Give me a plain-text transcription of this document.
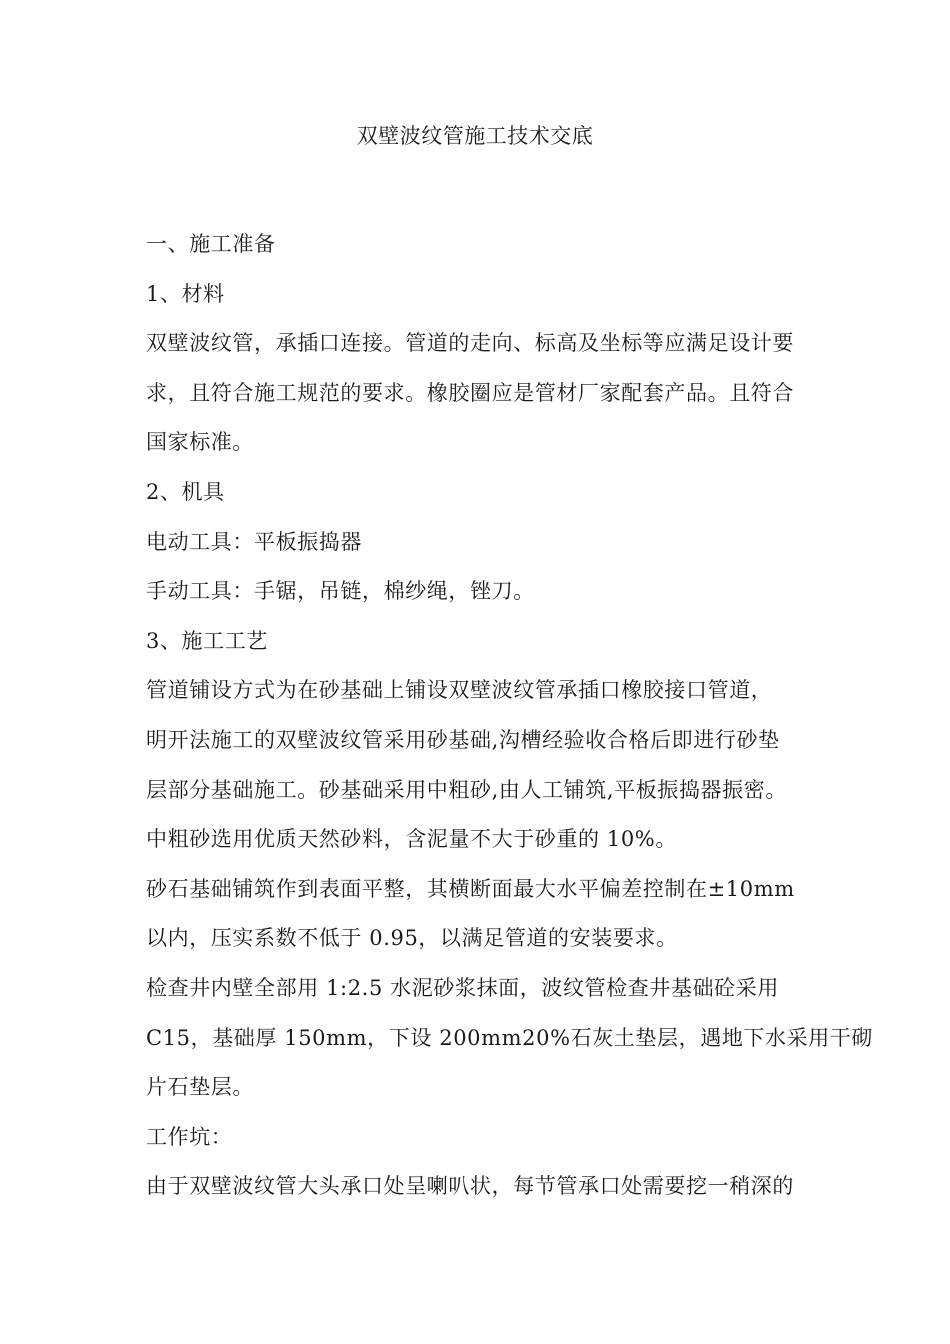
双壁波纹管施工技术交底
一、施工准备
1、材料
双壁波纹管，承插口连接。管道的走向、标高及坐标等应满足设计要
求，且符合施工规范的要求。橡胶圈应是管材厂家配套产品。且符合
国家标准。
2、机具
电动工具：平板振捣器
手动工具：手锯，吊链，棉纱绳，锉刀。
3、施工工艺
管道铺设方式为在砂基础上铺设双壁波纹管承插口橡胶接口管道，
明开法施工的双壁波纹管采用砂基础,沟槽经验收合格后即进行砂垫
层部分基础施工。砂基础采用中粗砂,由人工铺筑,平板振捣器振密。
中粗砂选用优质天然砂料，含泥量不大于砂重的 10%。
砂石基础铺筑作到表面平整，其横断面最大水平偏差控制在±10mm
以内，压实系数不低于 0.95，以满足管道的安装要求。
检查井内壁全部用 1:2.5 水泥砂浆抹面，波纹管检查井基础砼采用
C15，基础厚 150mm，下设 200mm20%石灰土垫层，遇地下水采用干砌
片石垫层。
工作坑：
由于双壁波纹管大头承口处呈喇叭状，每节管承口处需要挖一稍深的
